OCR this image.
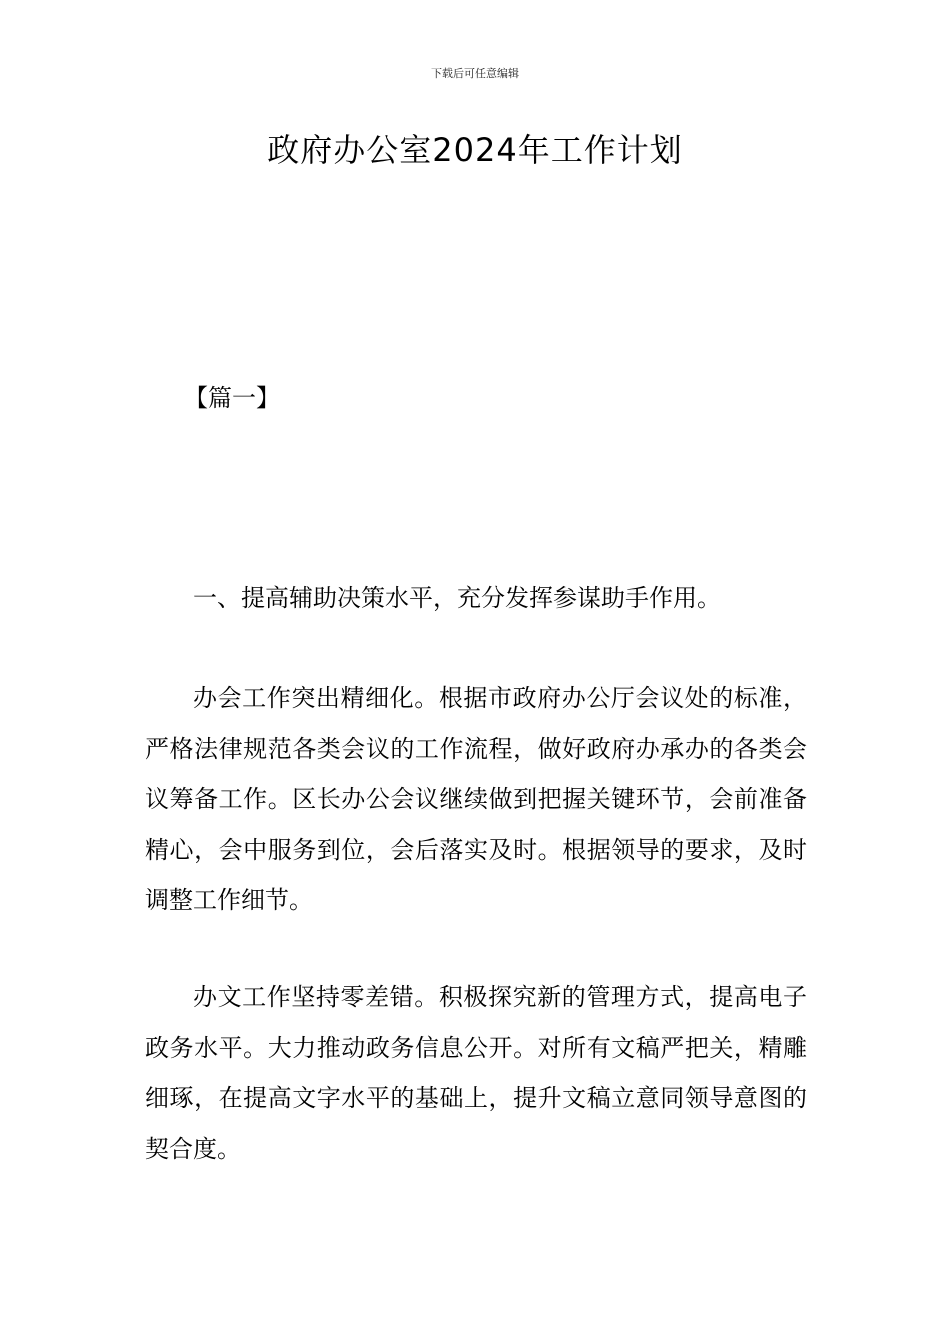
下载后可任意编辑
政府办公室2024年工作计划
【篇一】

一、提高辅助决策水平，充分发挥参谋助手作用。

办会工作突出精细化。根据市政府办公厅会议处的标准，严格法律规范各类会议的工作流程，做好政府办承办的各类会议筹备工作。区长办公会议继续做到把握关键环节，会前准备精心，会中服务到位，会后落实及时。根据领导的要求，及时调整工作细节。

办文工作坚持零差错。积极探究新的管理方式，提高电子政务水平。大力推动政务信息公开。对所有文稿严把关，精雕细琢，在提高文字水平的基础上，提升文稿立意同领导意图的契合度。
